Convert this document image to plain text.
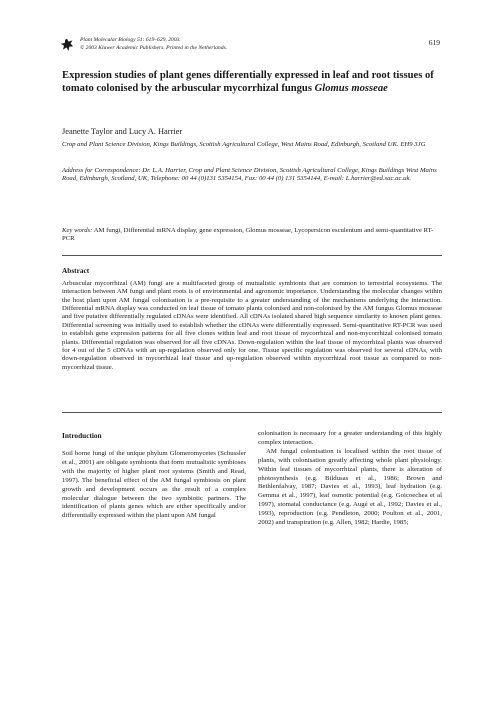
Plant Molecular Biology 51: 619–629, 2003.
© 2003 Kluwer Academic Publishers. Printed in the Netherlands.
619
Expression studies of plant genes differentially expressed in leaf and root tissues of tomato colonised by the arbuscular mycorrhizal fungus Glomus mosseae
Jeanette Taylor and Lucy A. Harrier
Crop and Plant Science Division, Kings Buildings, Scottish Agricultural College, West Mains Road, Edinburgh, Scotland UK. EH9 3JG
Address for Correspondence: Dr. L.A. Harrier, Crop and Plant Science Division, Scottish Agricultural College, Kings Buildings West Mains Road, Edinburgh, Scotland, UK, Telephone: 00 44 (0)131 5354154, Fax: 00 44 (0) 131 5354144, E-mail: L.harrier@ed.sac.ac.uk.
Key words: AM fungi, Differential mRNA display, gene expression, Glomus mosseae, Lycopersicon esculentum and semi-quantitative RT-PCR
Abstract
Arbuscular mycorrhizal (AM) fungi are a multifaceted group of mutualistic symbionts that are common to terrestrial ecosystems. The interaction between AM fungi and plant roots is of environmental and agronomic importance. Understanding the molecular changes within the host plant upon AM fungal colonisation is a pre-requisite to a greater understanding of the mechanisms underlying the interaction. Differential mRNA display was conducted on leaf tissue of tomato plants colonised and non-colonised by the AM fungus Glomus mosseae and five putative differentially regulated cDNAs were identified. All cDNAs isolated shared high sequence similarity to known plant genes. Differential screening was initially used to establish whether the cDNAs were differentially expressed. Semi-quantitative RT-PCR was used to establish gene expression patterns for all five clones within leaf and root tissue of mycorrhizal and non-mycorrhizal colonised tomato plants. Differential regulation was observed for all five cDNAs. Down-regulation within the leaf tissue of mycorrhizal plants was observed for 4 out of the 5 cDNAs with an up-regulation observed only for one. Tissue specific regulation was observed for several cDNAs, with down-regulation observed in mycorrhizal leaf tissue and up-regulation observed within mycorrhizal root tissue as compared to non-mycorrhizal tissue.
Introduction
Soil borne fungi of the unique phylum Glomeromycetes (Schussler et al., 2001) are obligate symbionts that form mutualistic symbioses with the majority of higher plant root systems (Smith and Read, 1997). The beneficial effect of the AM fungal symbiosis on plant growth and development occurs as the result of a complex molecular dialogue between the two symbiotic partners. The identification of plants genes which are either specifically and/or differentially expressed within the plant upon AM fungal

colonisation is necessary for a greater understanding of this highly complex interaction.

AM fungal colonisation is localised within the root tissue of plants, with colonisation greatly affecting whole plant physiology. Within leaf tissues of mycorrhizal plants, there is alteration of photosynthesis (e.g. Bildusas et al., 1986; Brown and Bethlenfalvay, 1987; Davies et al., 1993), leaf hydration (e.g. Gemma et al., 1997), leaf osmotic potential (e.g. Goicoechea et al 1997), stomatal conductance (e.g. Augé et al., 1992; Davies et al., 1993), reproduction (e.g. Pendleton, 2000; Poulton et al., 2001, 2002) and transpiration (e.g. Allen, 1982; Hardie, 1985;
